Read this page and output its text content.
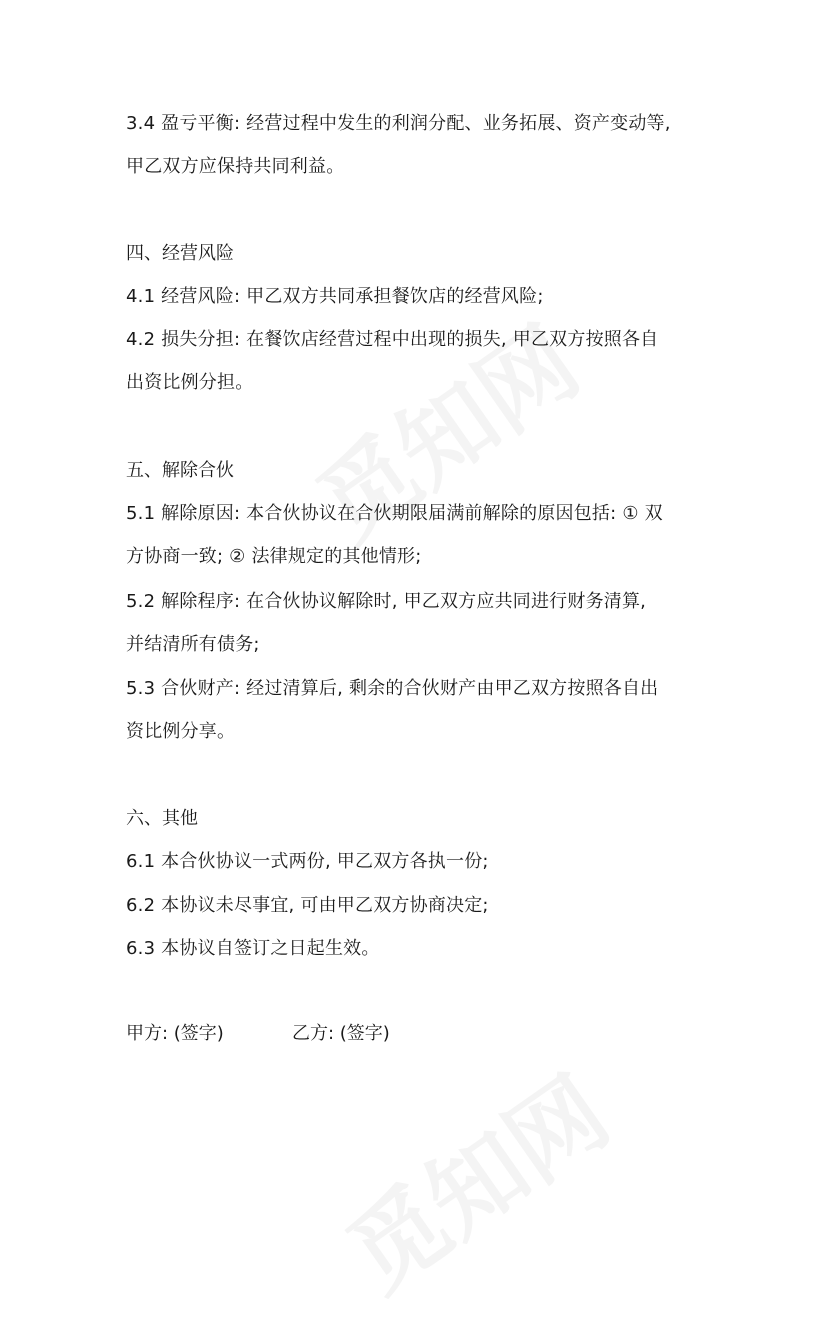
3.4 盈亏平衡: 经营过程中发生的利润分配、业务拓展、资产变动等,
甲乙双方应保持共同利益。
四、经营风险
4.1 经营风险: 甲乙双方共同承担餐饮店的经营风险;
4.2 损失分担: 在餐饮店经营过程中出现的损失, 甲乙双方按照各自
出资比例分担。
五、解除合伙
5.1 解除原因: 本合伙协议在合伙期限届满前解除的原因包括: ① 双
方协商一致; ② 法律规定的其他情形;
5.2 解除程序: 在合伙协议解除时, 甲乙双方应共同进行财务清算,
并结清所有债务;
5.3 合伙财产: 经过清算后, 剩余的合伙财产由甲乙双方按照各自出
资比例分享。
六、其他
6.1 本合伙协议一式两份, 甲乙双方各执一份;
6.2 本协议未尽事宜, 可由甲乙双方协商决定;
6.3 本协议自签订之日起生效。
甲方: (签字)	乙方: (签字)
